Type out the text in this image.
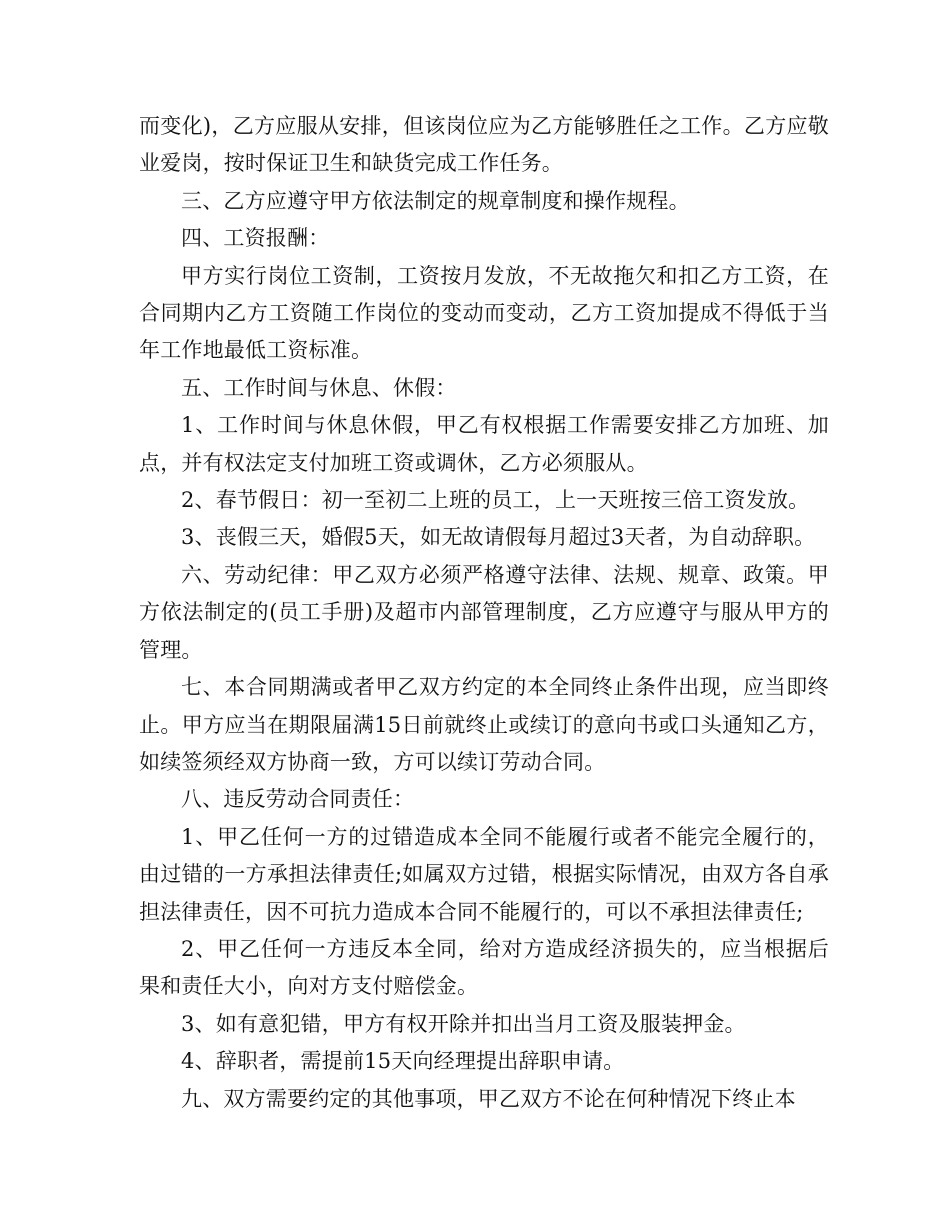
而变化)，乙方应服从安排，但该岗位应为乙方能够胜任之工作。乙方应敬业爱岗，按时保证卫生和缺货完成工作任务。

三、乙方应遵守甲方依法制定的规章制度和操作规程。

四、工资报酬：

甲方实行岗位工资制，工资按月发放，不无故拖欠和扣乙方工资，在合同期内乙方工资随工作岗位的变动而变动，乙方工资加提成不得低于当年工作地最低工资标准。

五、工作时间与休息、休假：

1、工作时间与休息休假，甲乙有权根据工作需要安排乙方加班、加点，并有权法定支付加班工资或调休，乙方必须服从。

2、春节假日：初一至初二上班的员工，上一天班按三倍工资发放。

3、丧假三天，婚假5天，如无故请假每月超过3天者，为自动辞职。

六、劳动纪律：甲乙双方必须严格遵守法律、法规、规章、政策。甲方依法制定的(员工手册)及超市内部管理制度，乙方应遵守与服从甲方的管理。

七、本合同期满或者甲乙双方约定的本全同终止条件出现，应当即终止。甲方应当在期限届满15日前就终止或续订的意向书或口头通知乙方，如续签须经双方协商一致，方可以续订劳动合同。

八、违反劳动合同责任：

1、甲乙任何一方的过错造成本全同不能履行或者不能完全履行的，由过错的一方承担法律责任;如属双方过错，根据实际情况，由双方各自承担法律责任，因不可抗力造成本合同不能履行的，可以不承担法律责任;

2、甲乙任何一方违反本全同，给对方造成经济损失的，应当根据后果和责任大小，向对方支付赔偿金。

3、如有意犯错，甲方有权开除并扣出当月工资及服装押金。

4、辞职者，需提前15天向经理提出辞职申请。

九、双方需要约定的其他事项，甲乙双方不论在何种情况下终止本
